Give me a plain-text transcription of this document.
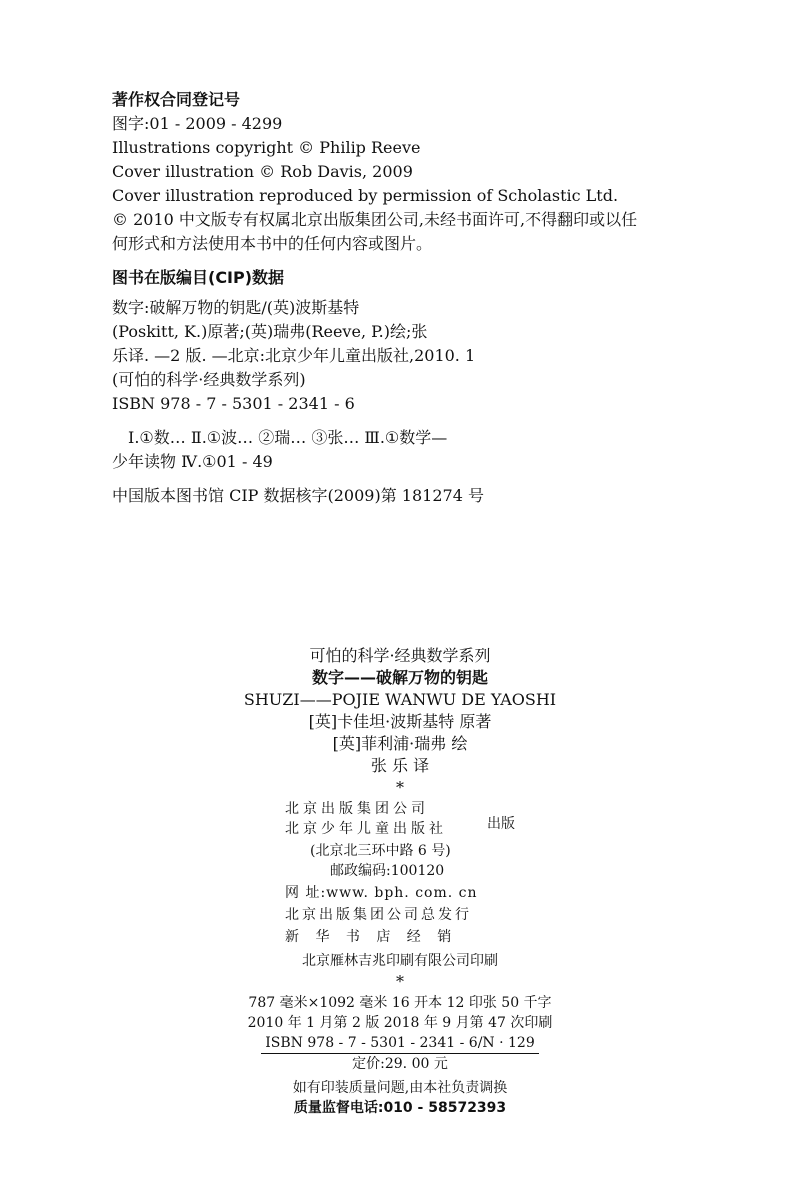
著作权合同登记号
图字:01 - 2009 - 4299
Illustrations copyright © Philip Reeve
Cover illustration © Rob Davis, 2009
Cover illustration reproduced by permission of Scholastic Ltd.
© 2010 中文版专有权属北京出版集团公司,未经书面许可,不得翻印或以任
何形式和方法使用本书中的任何内容或图片。
图书在版编目(CIP)数据
数字:破解万物的钥匙/(英)波斯基特
(Poskitt, K.)原著;(英)瑞弗(Reeve, P.)绘;张
乐译. —2 版. —北京:北京少年儿童出版社,2010. 1
(可怕的科学·经典数学系列)
ISBN 978 - 7 - 5301 - 2341 - 6
Ⅰ.①数… Ⅱ.①波… ②瑞… ③张… Ⅲ.①数学—
少年读物 Ⅳ.①01 - 49
中国版本图书馆 CIP 数据核字(2009)第 181274 号
可怕的科学·经典数学系列
数字——破解万物的钥匙
SHUZI——POJIE WANWU DE YAOSHI
[英]卡佳坦·波斯基特 原著
[英]菲利浦·瑞弗 绘
张 乐 译
*
北京出版集团公司
北京少年儿童出版社	出版
(北京北三环中路 6 号)
邮政编码:100120
网 址:www. bph. com. cn
北京出版集团公司总发行
新 华 书 店 经 销
北京雁林吉兆印刷有限公司印刷
*
787 毫米×1092 毫米 16 开本 12 印张 50 千字
2010 年 1 月第 2 版 2018 年 9 月第 47 次印刷
ISBN 978 - 7 - 5301 - 2341 - 6/N · 129
定价:29. 00 元
如有印装质量问题,由本社负责调换
质量监督电话:010 - 58572393
